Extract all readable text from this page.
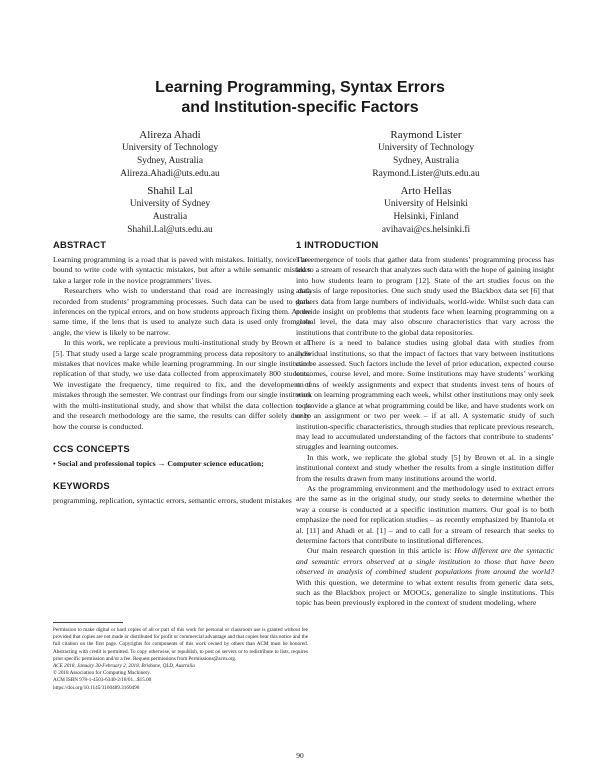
Learning Programming, Syntax Errors
and Institution-specific Factors
Alireza Ahadi
University of Technology
Sydney, Australia
Alireza.Ahadi@uts.edu.au
Raymond Lister
University of Technology
Sydney, Australia
Raymond.Lister@uts.edu.au
Shahil Lal
University of Sydney
Australia
Shahil.Lal@uts.edu.au
Arto Hellas
University of Helsinki
Helsinki, Finland
avihavai@cs.helsinki.fi
ABSTRACT

Learning programming is a road that is paved with mistakes. Initially, novices are bound to write code with syntactic mistakes, but after a while semantic mistakes take a larger role in the novice programmers’ lives.

Researchers who wish to understand that road are increasingly using data recorded from students’ programming processes. Such data can be used to draw inferences on the typical errors, and on how students approach fixing them. At the same time, if the lens that is used to analyze such data is used only from one angle, the view is likely to be narrow.

In this work, we replicate a previous multi-institutional study by Brown et al. [5]. That study used a large scale programming process data repository to analyze mistakes that novices make while learning programming. In our single institution replication of that study, we use data collected from approximately 800 students. We investigate the frequency, time required to fix, and the development of mistakes through the semester. We contrast our findings from our single institution with the multi-institutional study, and show that whilst the data collection tools and the research methodology are the same, the results can differ solely due to how the course is conducted.

CCS CONCEPTS

• Social and professional topics → Computer science education;

KEYWORDS

programming, replication, syntactic errors, semantic errors, student mistakes

Permission to make digital or hard copies of all or part of this work for personal or classroom use is granted without fee provided that copies are not made or distributed for profit or commercial advantage and that copies bear this notice and the full citation on the first page. Copyrights for components of this work owned by others than ACM must be honored. Abstracting with credit is permitted. To copy otherwise, or republish, to post on servers or to redistribute to lists, requires prior specific permission and/or a fee. Request permissions from Permissions@acm.org.

ACE 2018, January 30-February 2, 2018, Brisbane, QLD, Australia

© 2018 Association for Computing Machinery.

ACM ISBN 978-1-4503-6340-2/18/01...$15.00

https://doi.org/10.1145/3160489.3160490

1 INTRODUCTION

The emergence of tools that gather data from students’ programming process has led to a stream of research that analyzes such data with the hope of gaining insight into how students learn to program [12]. State of the art studies focus on the analysis of large repositories. One such study used the Blackbox data set [6] that gathers data from large numbers of individuals, world-wide. Whilst such data can provide insight on problems that students face when learning programming on a global level, the data may also obscure characteristics that vary across the institutions that contribute to the global data repositories.

There is a need to balance studies using global data with studies from individual institutions, so that the impact of factors that vary between institutions can be assessed. Such factors include the level of prior education, expected course outcomes, course level, and more. Some institutions may have students’ working on tens of weekly assignments and expect that students invest tens of hours of work on learning programming each week, whilst other institutions may only seek to provide a glance at what programming could be like, and have students work on only an assignment or two per week – if at all. A systematic study of such institution-specific characteristics, through studies that replicate previous research, may lead to accumulated understanding of the factors that contribute to students’ struggles and learning outcomes.

In this work, we replicate the global study [5] by Brown et al. in a single institutional context and study whether the results from a single institution differ from the results drawn from many institutions around the world.

As the programming environment and the methodology used to extract errors are the same as in the original study, our study seeks to determine whether the way a course is conducted at a specific institution matters. Our goal is to both emphasize the need for replication studies – as recently emphasized by Ihantola et al. [11] and Ahadi et al. [1] – and to call for a stream of research that seeks to determine factors that contribute to institutional differences.

Our main research question in this article is: How different are the syntactic and semantic errors observed at a single institution to those that have been observed in analysis of combined student populations from around the world? With this question, we determine to what extent results from generic data sets, such as the Blackbox project or MOOCs, generalize to single institutions. This topic has been previously explored in the context of student modeling, where

90
